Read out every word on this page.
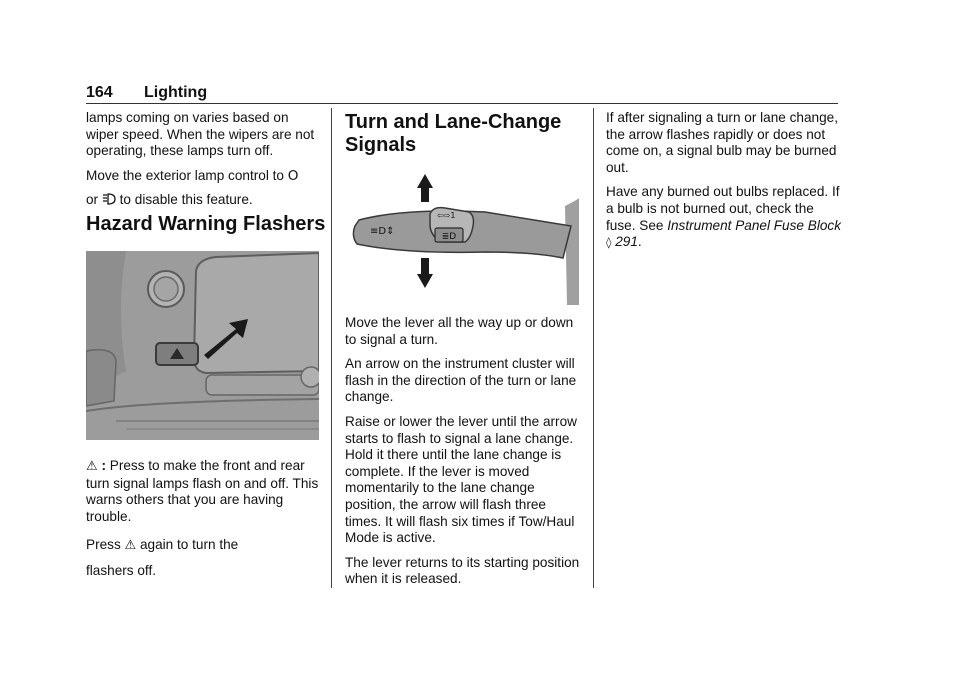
164 Lighting

lamps coming on varies based on wiper speed. When the wipers are not operating, these lamps turn off.

Move the exterior lamp control to O

or to disable this feature.

Hazard Warning Flashers

⚠ : Press to make the front and rear turn signal lamps flash on and off. This warns others that you are having trouble.

Press ⚠ again to turn the

flashers off.

Turn and Lane-Change Signals
≣D
≡D⇕
⇦⇨1

Move the lever all the way up or down to signal a turn.

An arrow on the instrument cluster will flash in the direction of the turn or lane change.

Raise or lower the lever until the arrow starts to flash to signal a lane change. Hold it there until the lane change is complete. If the lever is moved momentarily to the lane change position, the arrow will flash three times. It will flash six times if Tow/Haul Mode is active.

The lever returns to its starting position when it is released.

If after signaling a turn or lane change, the arrow flashes rapidly or does not come on, a signal bulb may be burned out.

Have any burned out bulbs replaced. If a bulb is not burned out, check the fuse. See Instrument Panel Fuse Block ◊ 291.
